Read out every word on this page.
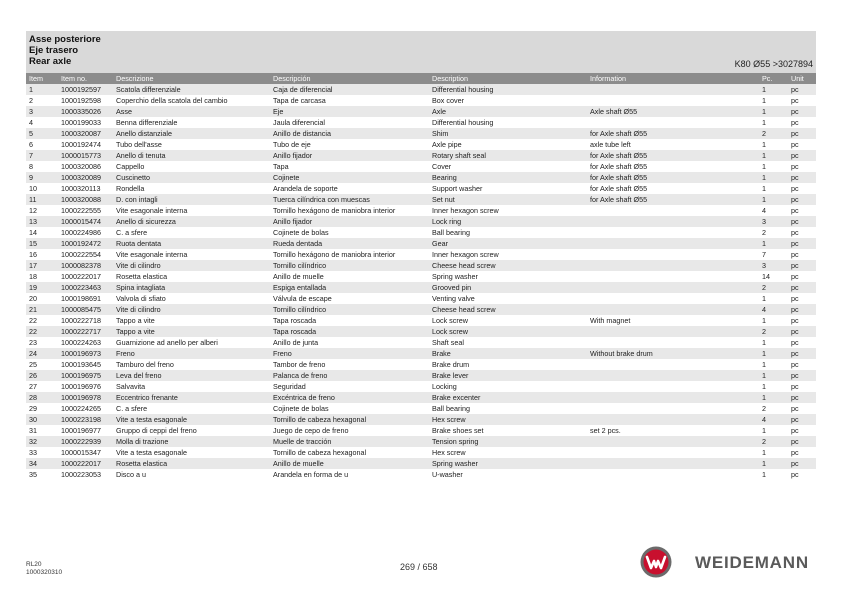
Asse posteriore
Eje trasero
Rear axle	K80 Ø55 >3027894
Item	Item no.	Descrizione	Descripción	Description	Information	Pc.	Unit
1	1000192597	Scatola differenziale	Caja de diferencial	Differential housing		1	pc
2	1000192598	Coperchio della scatola del cambio	Tapa de carcasa	Box cover		1	pc
3	1000335026	Asse	Eje	Axle	Axle shaft Ø55	1	pc
4	1000199033	Benna differenziale	Jaula diferencial	Differential housing		1	pc
5	1000320087	Anello distanziale	Anillo de distancia	Shim	for Axle shaft Ø55	2	pc
6	1000192474	Tubo dell'asse	Tubo de eje	Axle pipe	axle tube left	1	pc
7	1000015773	Anello di tenuta	Anillo fijador	Rotary shaft seal	for Axle shaft Ø55	1	pc
8	1000320086	Cappello	Tapa	Cover	for Axle shaft Ø55	1	pc
9	1000320089	Cuscinetto	Cojinete	Bearing	for Axle shaft Ø55	1	pc
10	1000320113	Rondella	Arandela de soporte	Support washer	for Axle shaft Ø55	1	pc
11	1000320088	D. con intagli	Tuerca cilíndrica con muescas	Set nut	for Axle shaft Ø55	1	pc
12	1000222555	Vite esagonale interna	Tornillo hexágono de maniobra interior	Inner hexagon screw		4	pc
13	1000015474	Anello di sicurezza	Anillo fijador	Lock ring		3	pc
14	1000224986	C. a sfere	Cojinete de bolas	Ball bearing		2	pc
15	1000192472	Ruota dentata	Rueda dentada	Gear		1	pc
16	1000222554	Vite esagonale interna	Tornillo hexágono de maniobra interior	Inner hexagon screw		7	pc
17	1000082378	Vite di cilindro	Tornillo cilíndrico	Cheese head screw		3	pc
18	1000222017	Rosetta elastica	Anillo de muelle	Spring washer		14	pc
19	1000223463	Spina intagliata	Espiga entallada	Grooved pin		2	pc
20	1000198691	Valvola di sfiato	Válvula de escape	Venting valve		1	pc
21	1000085475	Vite di cilindro	Tornillo cilíndrico	Cheese head screw		4	pc
22	1000222718	Tappo a vite	Tapa roscada	Lock screw	With magnet	1	pc
22	1000222717	Tappo a vite	Tapa roscada	Lock screw		2	pc
23	1000224263	Guarnizione ad anello per alberi	Anillo de junta	Shaft seal		1	pc
24	1000196973	Freno	Freno	Brake	Without brake drum	1	pc
25	1000193645	Tamburo del freno	Tambor de freno	Brake drum		1	pc
26	1000196975	Leva del freno	Palanca de freno	Brake lever		1	pc
27	1000196976	Salvavita	Seguridad	Locking		1	pc
28	1000196978	Eccentrico frenante	Excéntrica de freno	Brake excenter		1	pc
29	1000224265	C. a sfere	Cojinete de bolas	Ball bearing		2	pc
30	1000223198	Vite a testa esagonale	Tornillo de cabeza hexagonal	Hex screw		4	pc
31	1000196977	Gruppo di ceppi del freno	Juego de cepo de freno	Brake shoes set	set 2 pcs.	1	pc
32	1000222939	Molla di trazione	Muelle de tracción	Tension spring		2	pc
33	1000015347	Vite a testa esagonale	Tornillo de cabeza hexagonal	Hex screw		1	pc
34	1000222017	Rosetta elastica	Anillo de muelle	Spring washer		1	pc
35	1000223053	Disco a u	Arandela en forma de u	U-washer		1	pc
RL20
1000320310	269 / 658	WEIDEMANN
